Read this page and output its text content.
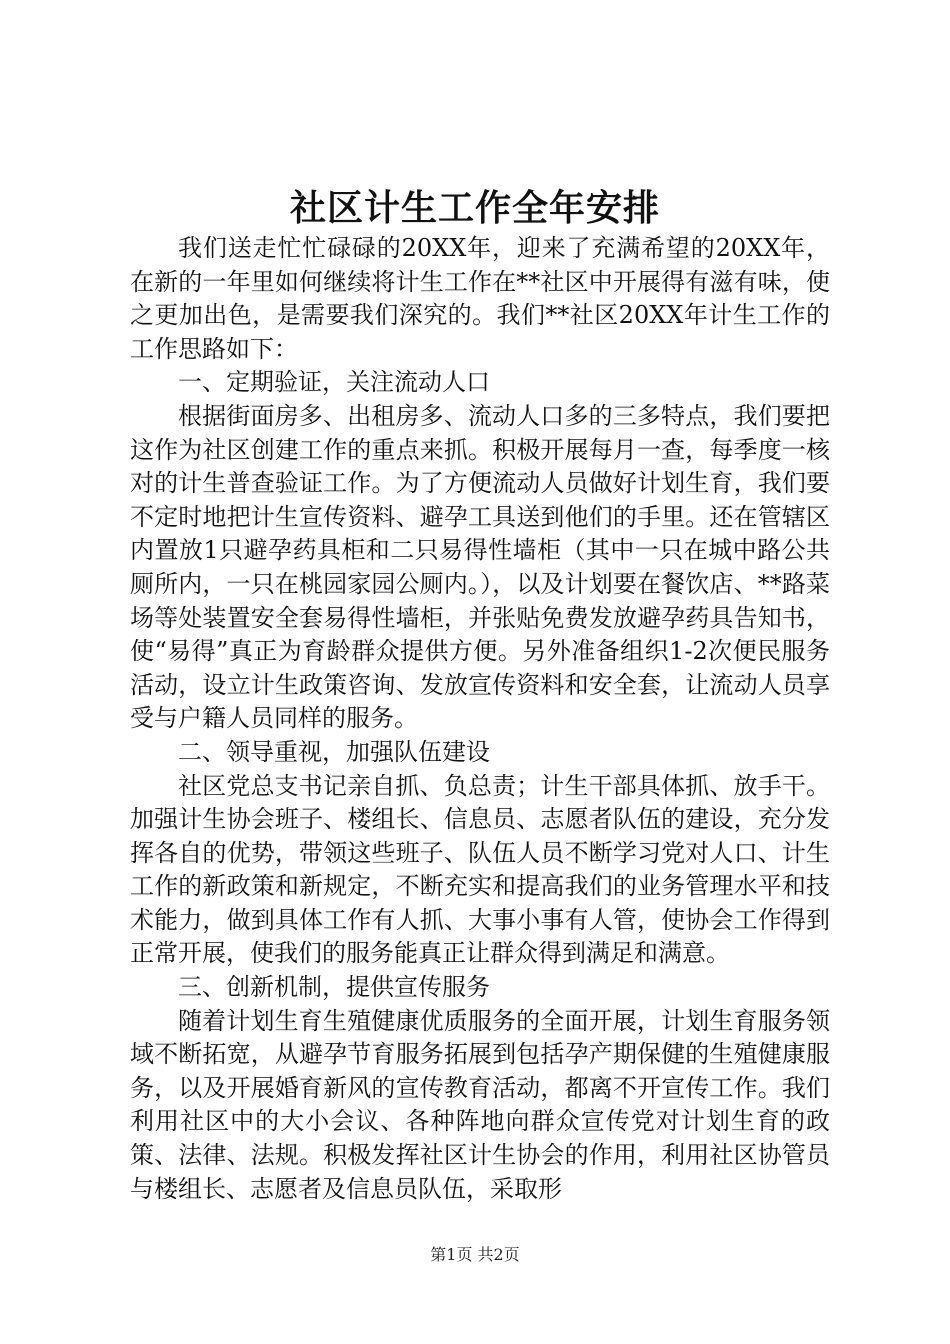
社区计生工作全年安排

我们送走忙忙碌碌的20XX年，迎来了充满希望的20XX年，在新的一年里如何继续将计生工作在**社区中开展得有滋有味，使之更加出色，是需要我们深究的。我们**社区20XX年计生工作的工作思路如下：

一、定期验证，关注流动人口

根据街面房多、出租房多、流动人口多的三多特点，我们要把这作为社区创建工作的重点来抓。积极开展每月一查，每季度一核对的计生普查验证工作。为了方便流动人员做好计划生育，我们要不定时地把计生宣传资料、避孕工具送到他们的手里。还在管辖区内置放1只避孕药具柜和二只易得性墙柜（其中一只在城中路公共厕所内，一只在桃园家园公厕内。），以及计划要在餐饮店、**路菜场等处装置安全套易得性墙柜，并张贴免费发放避孕药具告知书，使“易得”真正为育龄群众提供方便。另外准备组织1-2次便民服务活动，设立计生政策咨询、发放宣传资料和安全套，让流动人员享受与户籍人员同样的服务。

二、领导重视，加强队伍建设

社区党总支书记亲自抓、负总责；计生干部具体抓、放手干。加强计生协会班子、楼组长、信息员、志愿者队伍的建设，充分发挥各自的优势，带领这些班子、队伍人员不断学习党对人口、计生工作的新政策和新规定，不断充实和提高我们的业务管理水平和技术能力，做到具体工作有人抓、大事小事有人管，使协会工作得到正常开展，使我们的服务能真正让群众得到满足和满意。

三、创新机制，提供宣传服务

随着计划生育生殖健康优质服务的全面开展，计划生育服务领域不断拓宽，从避孕节育服务拓展到包括孕产期保健的生殖健康服务，以及开展婚育新风的宣传教育活动，都离不开宣传工作。我们利用社区中的大小会议、各种阵地向群众宣传党对计划生育的政策、法律、法规。积极发挥社区计生协会的作用，利用社区协管员与楼组长、志愿者及信息员队伍，采取形

第1页 共2页
